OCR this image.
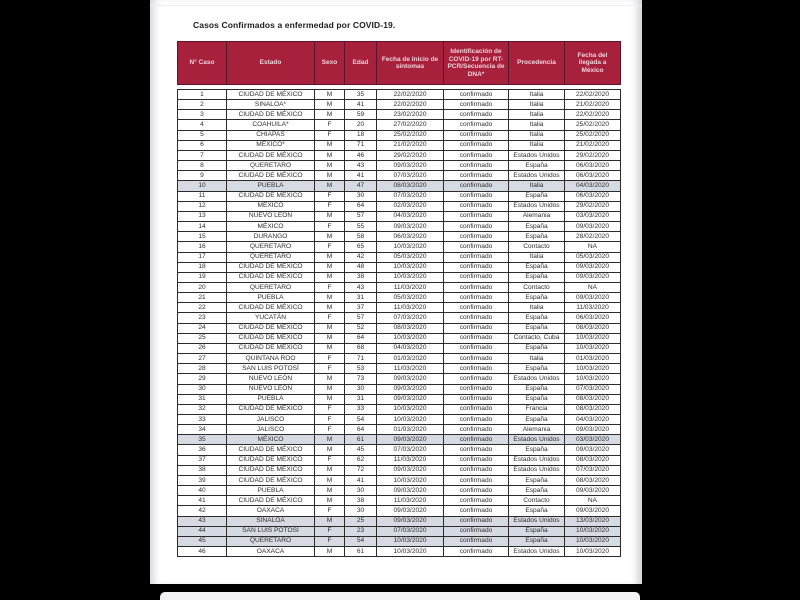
Casos Confirmados a enfermedad por COVID-19.
N° Caso	Estado	Sexo	Edad	Fecha de Inicio de síntomas	Identificación de COVID-19 por RT-PCR/Secuencia de DNA*	Procedencia	Fecha del llegada a México
1	CIUDAD DE MÉXICO	M	35	22/02/2020	confirmado	Italia	22/02/2020
2	SINALOA*	M	41	22/02/2020	confirmado	Italia	21/02/2020
3	CIUDAD DE MÉXICO	M	59	23/02/2020	confirmado	Italia	22/02/2020
4	COAHUILA*	F	20	27/02/2020	confirmado	Italia	25/02/2020
5	CHIAPAS	F	18	25/02/2020	confirmado	Italia	25/02/2020
6	MÉXICO*	M	71	21/02/2020	confirmado	Italia	21/02/2020
7	CIUDAD DE MÉXICO	M	46	29/02/2020	confirmado	Estados Unidos	29/02/2020
8	QUERETARO	M	43	09/03/2020	confirmado	España	06/03/2020
9	CIUDAD DE MÉXICO	M	41	07/03/2020	confirmado	Estados Unidos	06/03/2020
10	PUEBLA	M	47	08/03/2020	confirmado	Italia	04/03/2020
11	CIUDAD DE MÉXICO	F	30	07/03/2020	confirmado	España	06/03/2020
12	MÉXICO	F	64	02/03/2020	confirmado	Estados Unidos	29/02/2020
13	NUEVO LEÓN	M	57	04/03/2020	confirmado	Alemania	03/03/2020
14	MÉXICO	F	55	09/03/2020	confirmado	España	09/03/2020
15	DURANGO	M	58	06/03/2020	confirmado	España	28/02/2020
16	QUERETARO	F	65	10/03/2020	confirmado	Contacto	NA
17	QUERETARO	M	42	05/03/2020	confirmado	Italia	05/03/2020
18	CIUDAD DE MÉXICO	M	48	10/03/2020	confirmado	España	09/03/2020
19	CIUDAD DE MÉXICO	M	38	10/03/2020	confirmado	España	09/03/2020
20	QUERETARO	F	43	11/03/2020	confirmado	Contacto	NA
21	PUEBLA	M	31	05/03/2020	confirmado	España	09/03/2020
22	CIUDAD DE MÉXICO	M	37	11/03/2020	confirmado	Italia	11/03/2020
23	YUCATÁN	F	57	07/03/2020	confirmado	España	06/03/2020
24	CIUDAD DE MÉXICO	M	52	08/03/2020	confirmado	España	08/03/2020
25	CIUDAD DE MÉXICO	M	64	10/03/2020	confirmado	Contacto, Cuba	10/03/2020
26	CIUDAD DE MÉXICO	M	68	04/03/2020	confirmado	España	10/03/2020
27	QUINTANA ROO	F	71	01/03/2020	confirmado	Italia	01/03/2020
28	SAN LUIS POTOSÍ	F	53	11/03/2020	confirmado	España	10/03/2020
29	NUEVO LEÓN	M	73	09/03/2020	confirmado	Estados Unidos	10/03/2020
30	NUEVO LEÓN	M	30	09/03/2020	confirmado	España	07/03/2020
31	PUEBLA	M	31	09/03/2020	confirmado	España	08/03/2020
32	CIUDAD DE MÉXICO	F	33	10/03/2020	confirmado	Francia	08/03/2020
33	JALISCO	F	54	10/03/2020	confirmado	España	04/03/2020
34	JALISCO	F	64	01/03/2020	confirmado	Alemania	09/03/2020
35	MÉXICO	M	61	09/03/2020	confirmado	Estados Unidos	03/03/2020
36	CIUDAD DE MÉXICO	M	45	07/03/2020	confirmado	España	09/03/2020
37	CIUDAD DE MÉXICO	F	62	11/03/2020	confirmado	Estados Unidos	08/03/2020
38	CIUDAD DE MÉXICO	M	72	09/03/2020	confirmado	Estados Unidos	07/03/2020
39	CIUDAD DE MÉXICO	M	41	10/03/2020	confirmado	España	08/03/2020
40	PUEBLA	M	30	09/03/2020	confirmado	España	09/03/2020
41	CIUDAD DE MÉXICO	M	38	11/03/2020	confirmado	Contacto	NA
42	OAXACA	F	30	09/03/2020	confirmado	España	09/03/2020
43	SINALOA	M	25	09/03/2020	confirmado	Estados Unidos	13/03/2020
44	SAN LUIS POTOSÍ	F	23	07/03/2020	confirmado	España	10/03/2020
45	QUERETARO	F	54	10/03/2020	confirmado	España	10/03/2020
46	OAXACA	M	61	10/03/2020	confirmado	Estados Unidos	10/03/2020
